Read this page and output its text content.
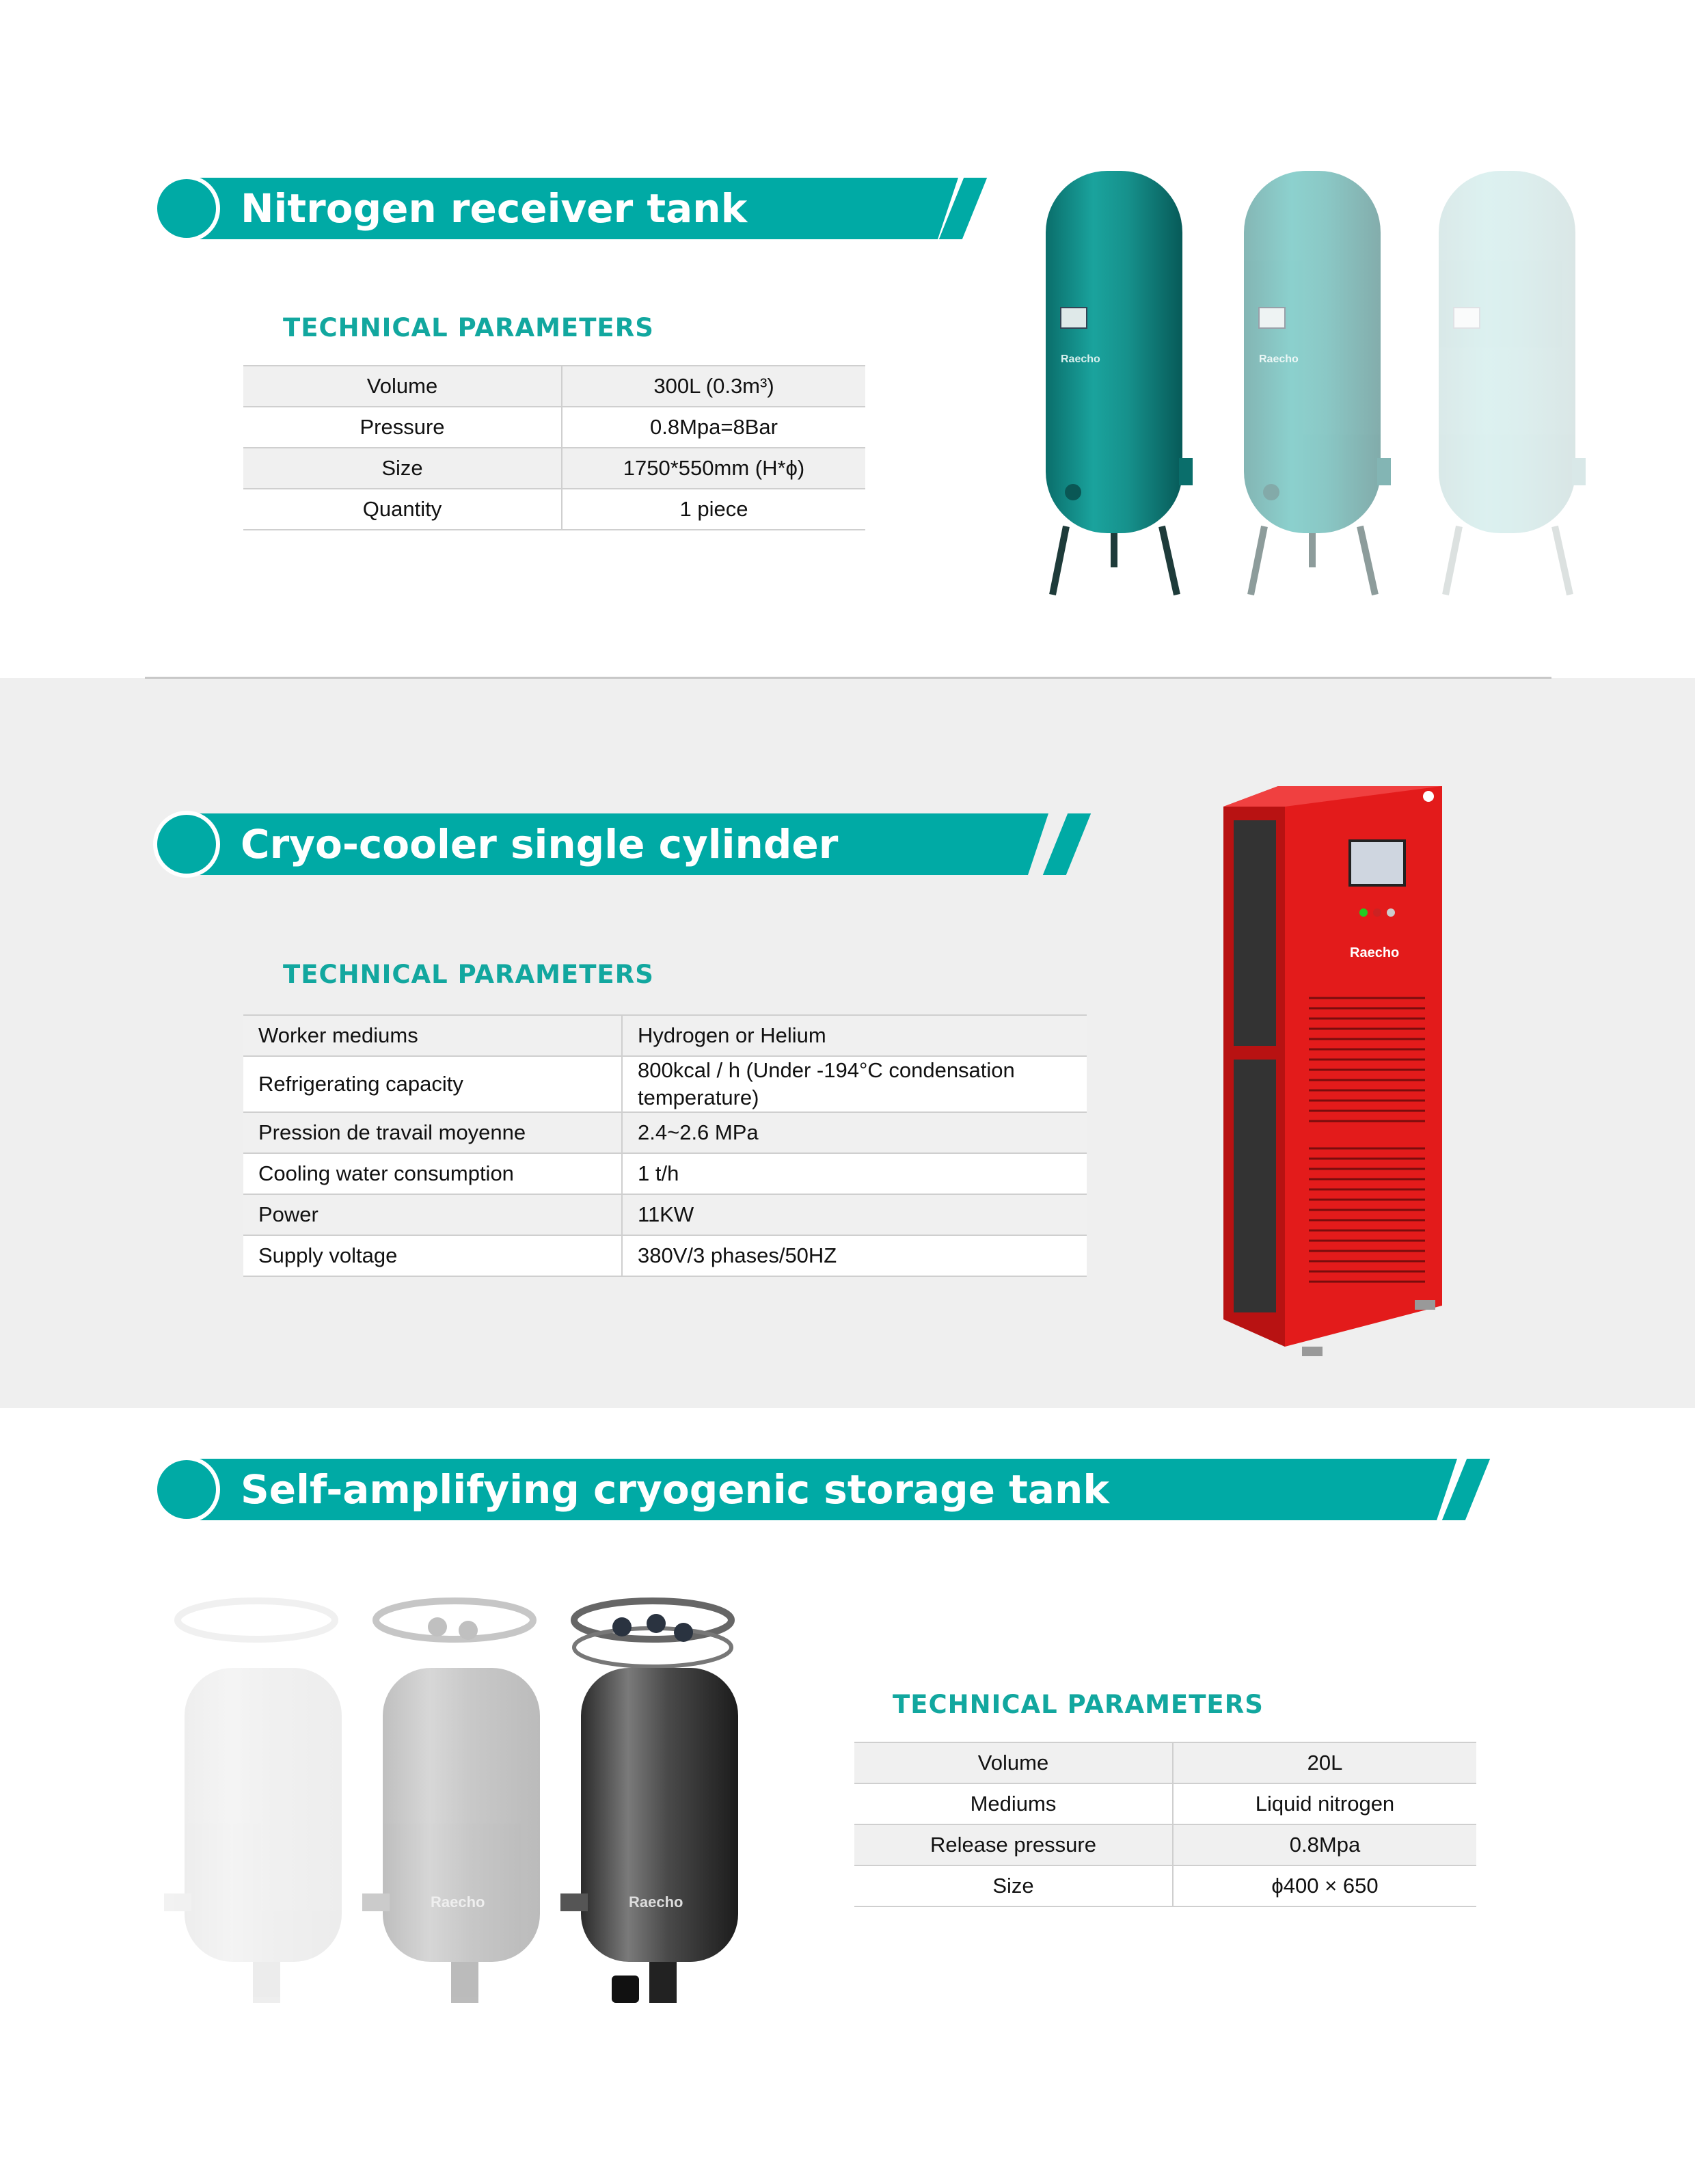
Nitrogen receiver tank
TECHNICAL PARAMETERS
Volume	300L (0.3m³)
Pressure	0.8Mpa=8Bar
Size	1750*550mm (H*ϕ)
Quantity	1 piece
Raecho	Raecho
Cryo-cooler single cylinder
TECHNICAL PARAMETERS
Worker mediums	Hydrogen or Helium
Refrigerating capacity	800kcal / h (Under -194°C condensation temperature)
Pression de travail moyenne	2.4~2.6 MPa
Cooling water consumption	1 t/h
Power	11KW
Supply voltage	380V/3 phases/50HZ
Raecho
Self-amplifying cryogenic storage tank
TECHNICAL PARAMETERS
Volume	20L
Mediums	Liquid nitrogen
Release pressure	0.8Mpa
Size	ϕ400 × 650
Raecho	Raecho
